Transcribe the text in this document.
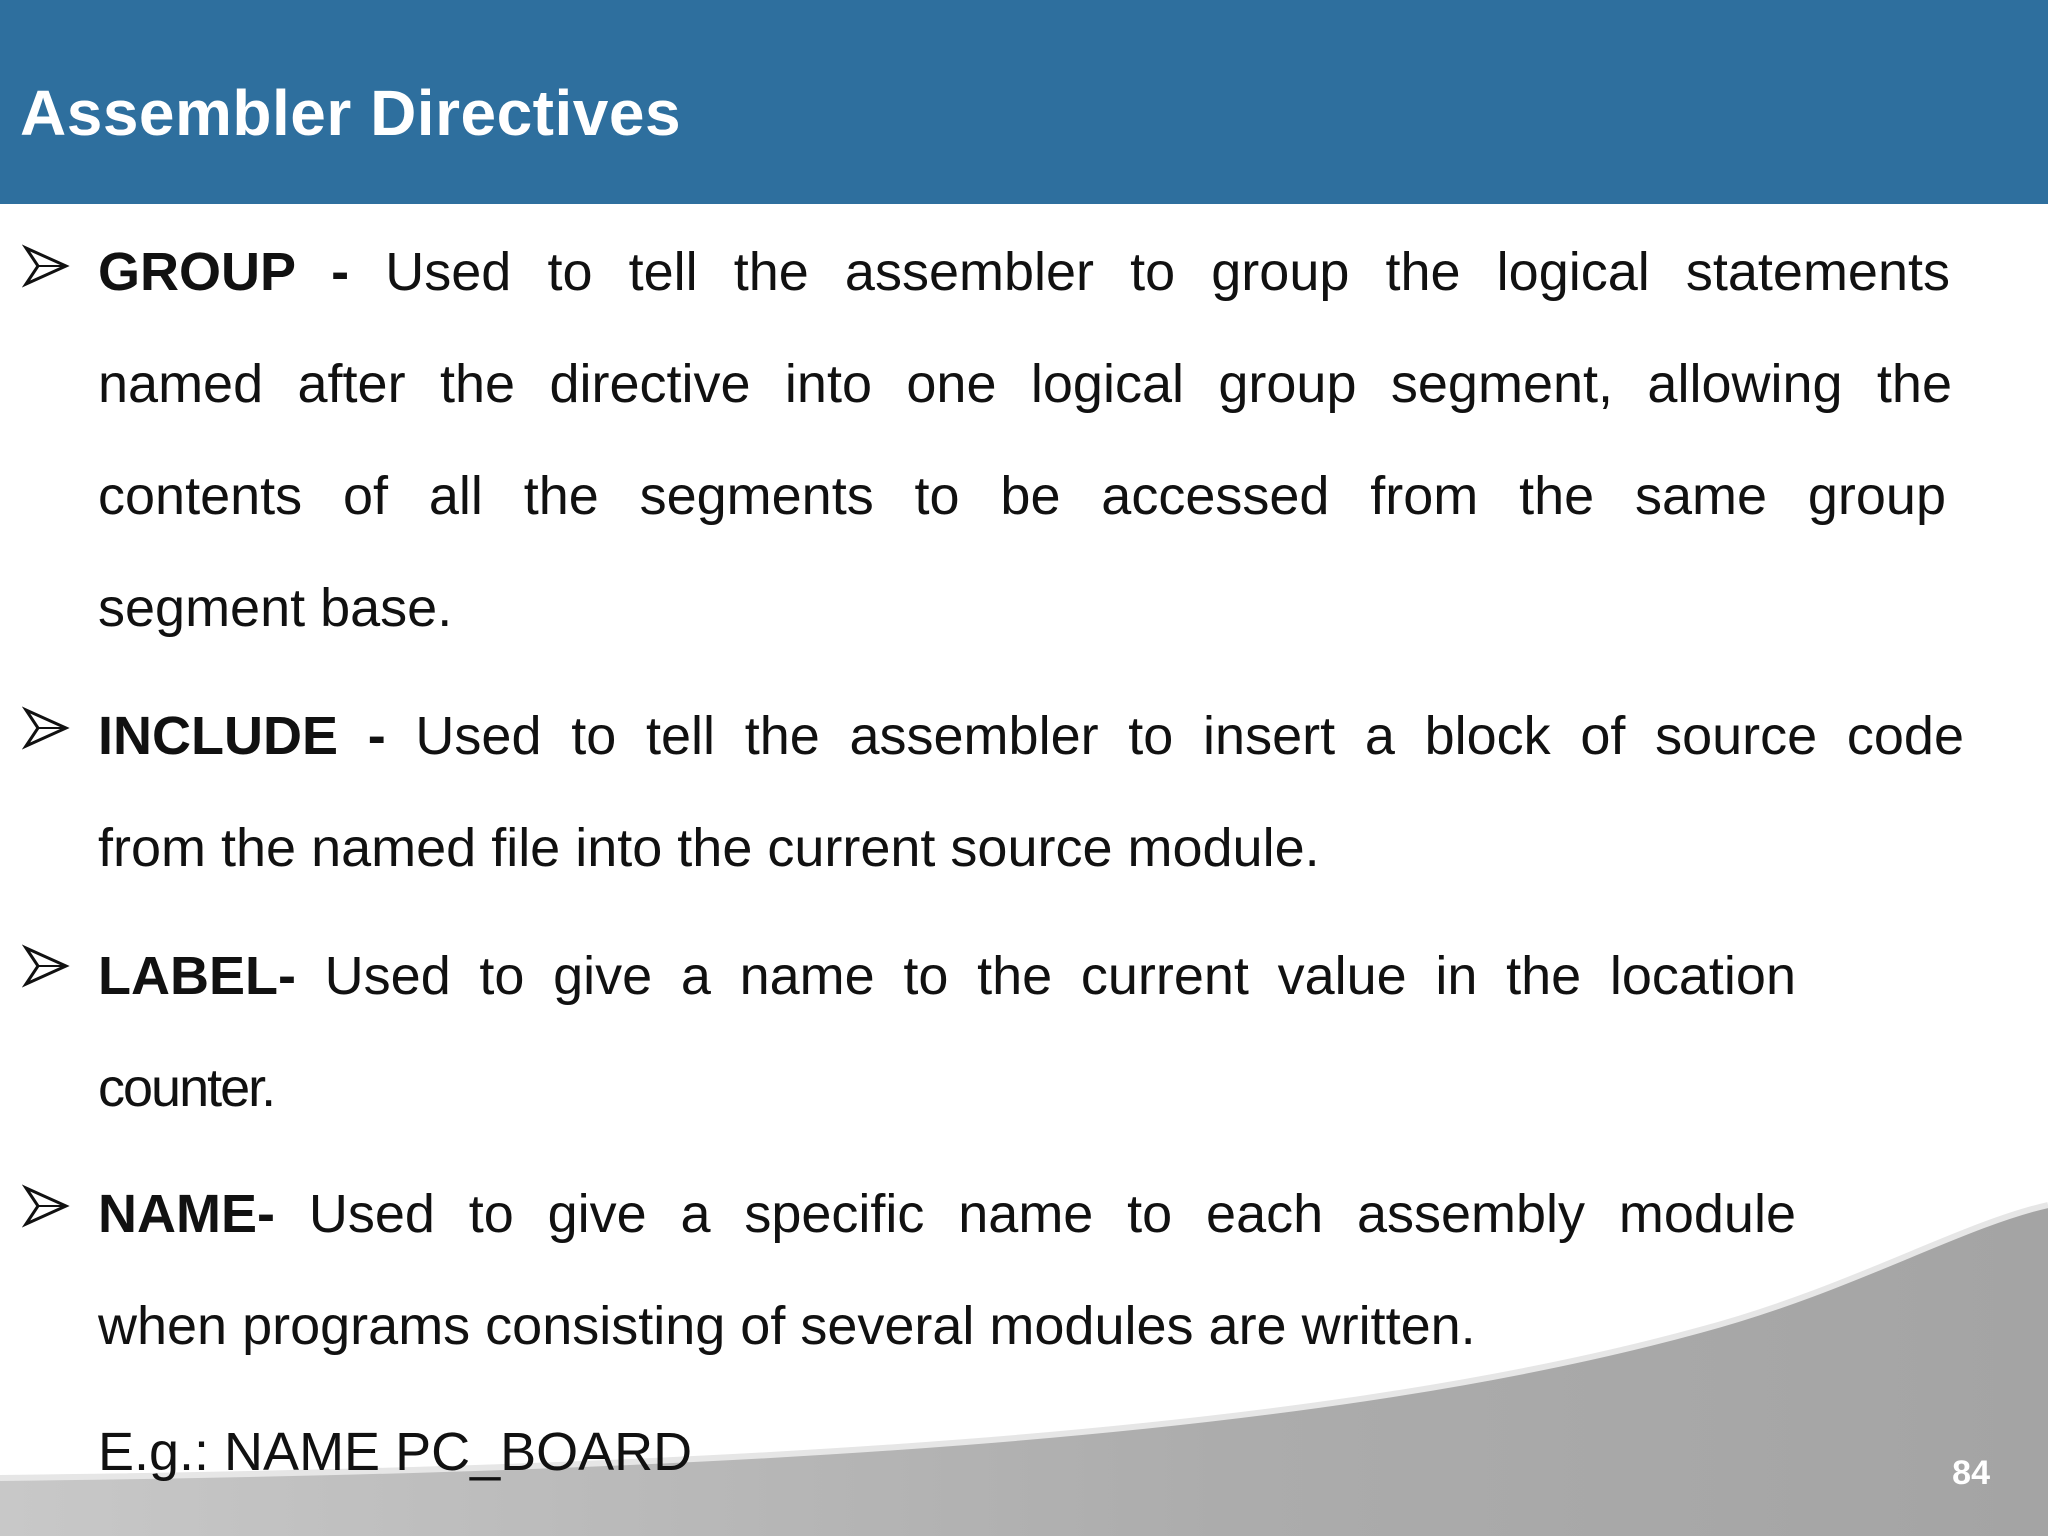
Assembler Directives
GROUP - Used to tell the assembler to group the logical statements
named after the directive into one logical group segment, allowing the
contents of all the segments to be accessed from the same group
segment base.
INCLUDE - Used to tell the assembler to insert a block of source code
from the named file into the current source module.
LABEL- Used to give a name to the current value in the location
counter.
NAME- Used to give a specific name to each assembly module
when programs consisting of several modules are written.
E.g.: NAME PC_BOARD	84
